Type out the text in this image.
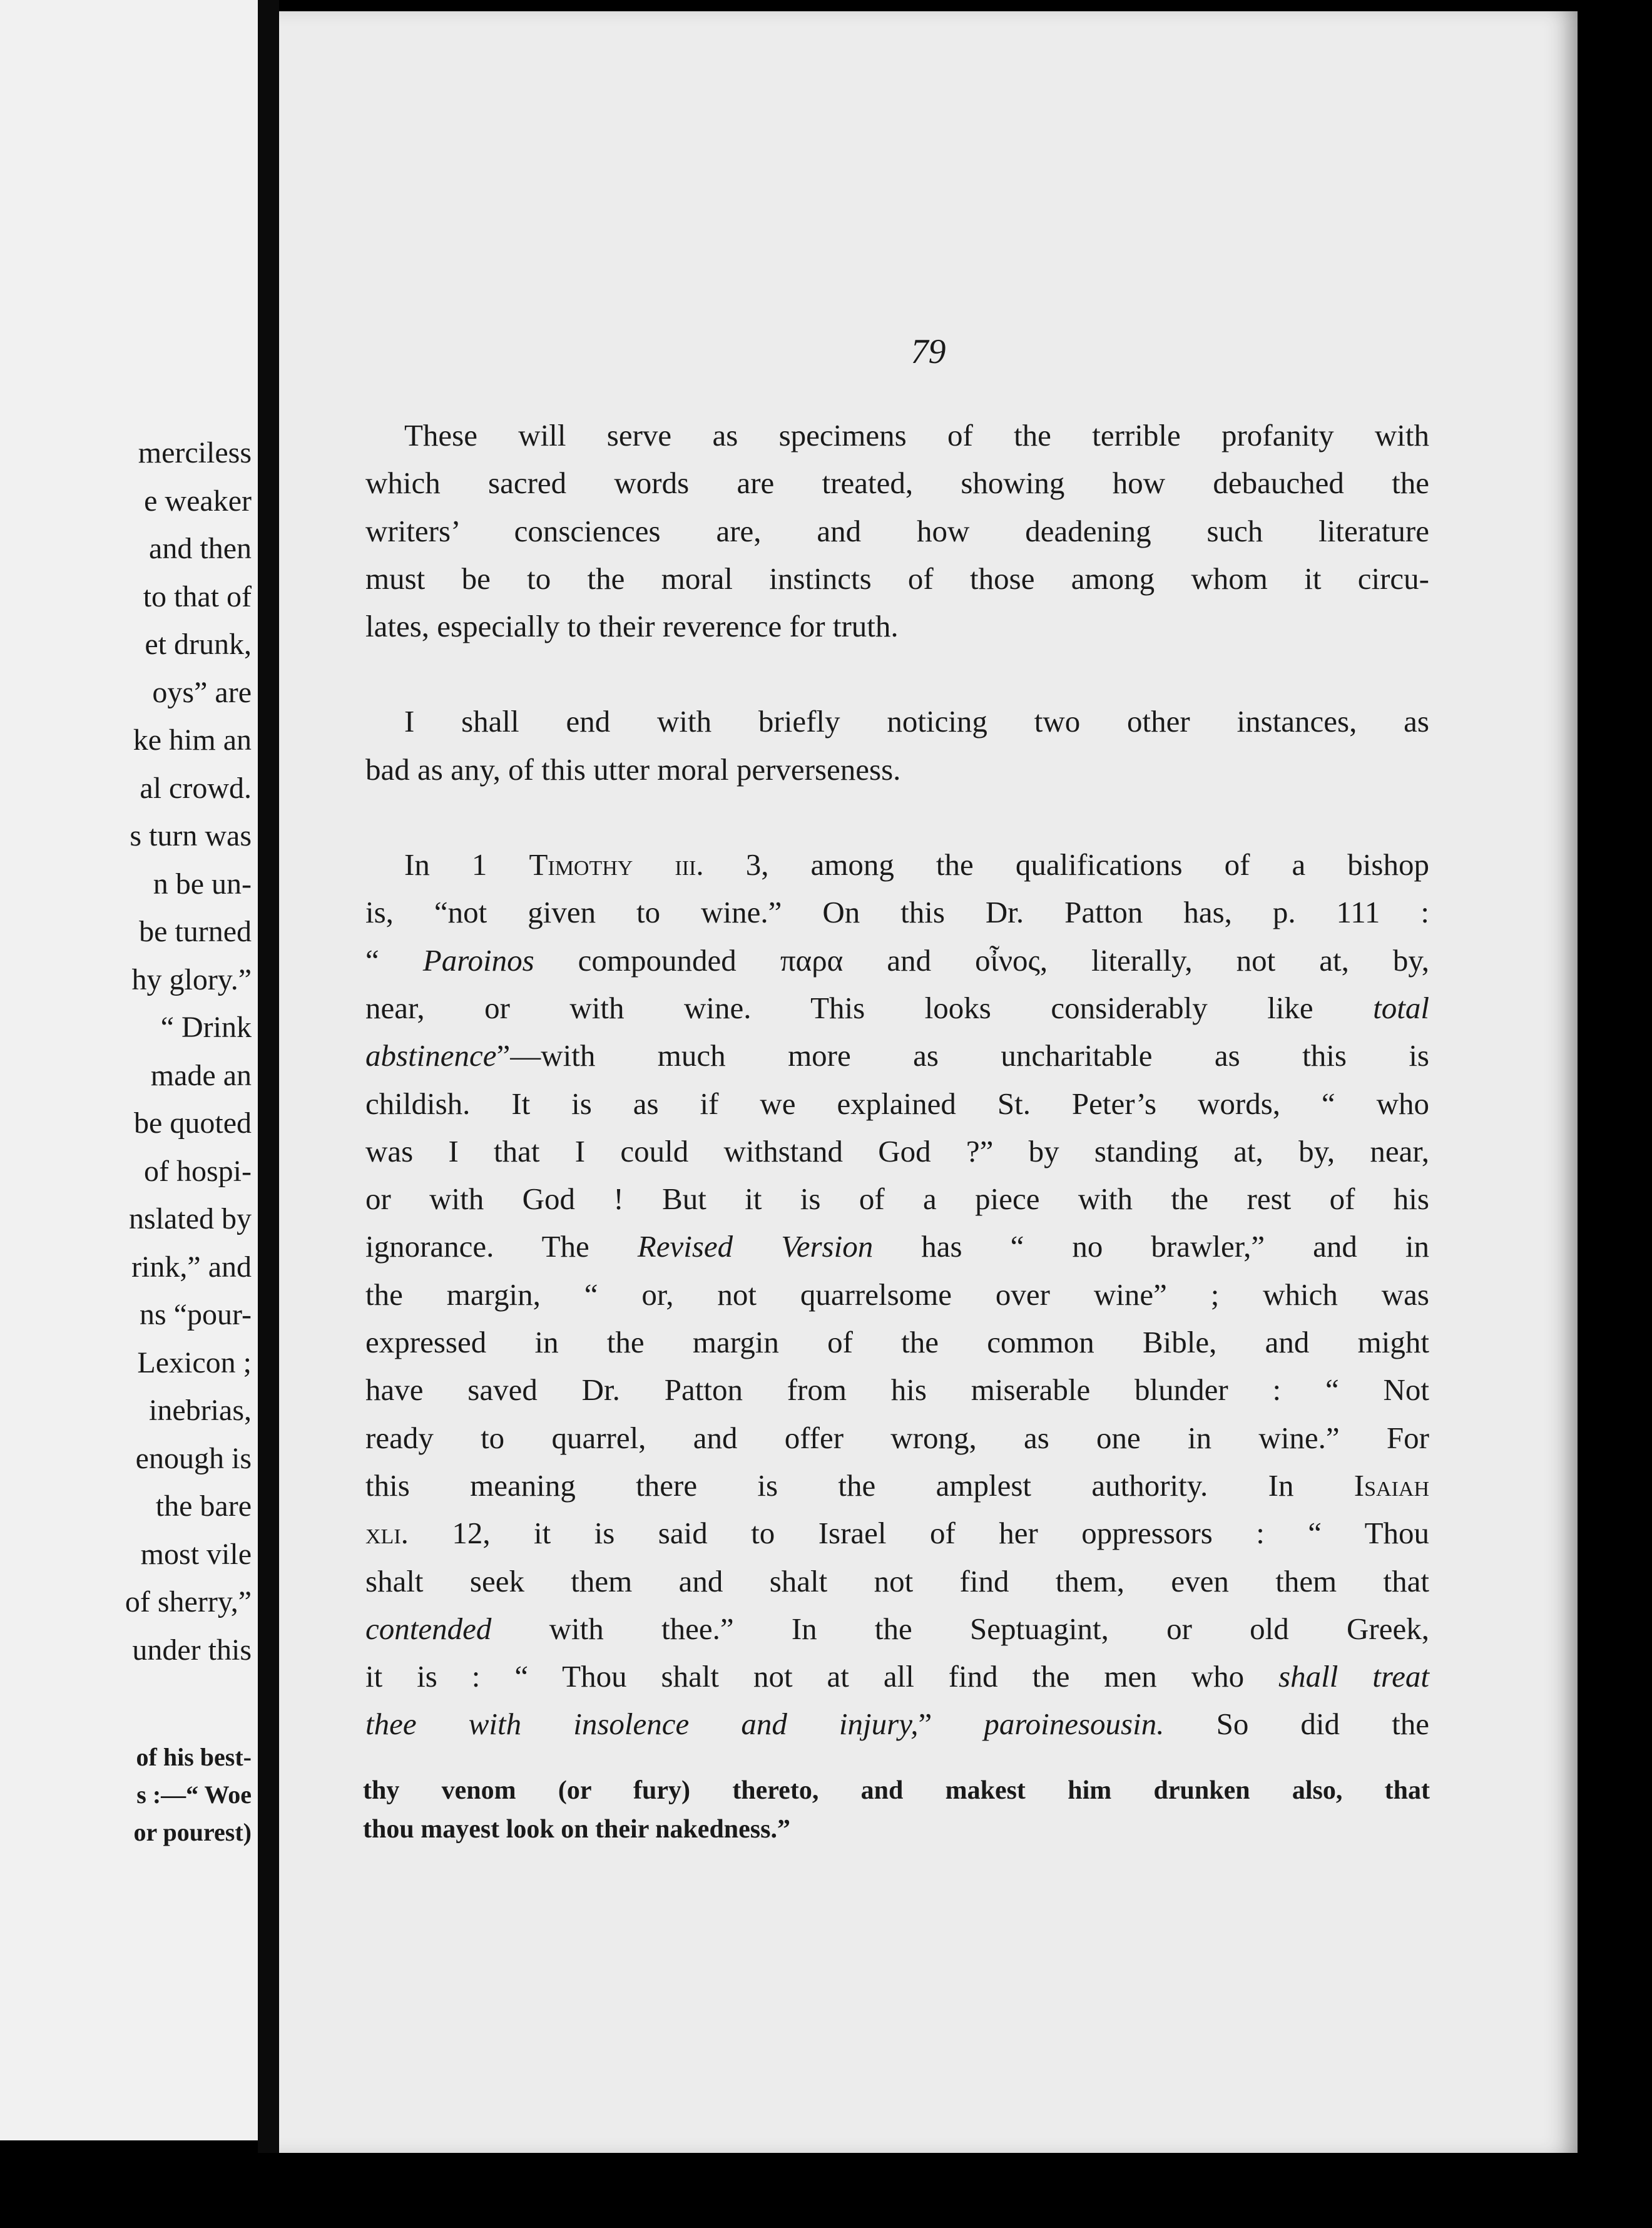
merciless
e weaker
and then
to that of
et drunk,
oys” are
ke him an
al crowd.
s turn was
n be un-
be turned
hy glory.”
“ Drink
made an
be quoted
of hospi-
nslated by
rink,” and
ns “pour-
Lexicon ;
inebrias,
enough is
the bare
most vile
of sherry,”
under this
of his best-
s :—“ Woe
or pourest)
79

These will serve as specimens of the terrible profanity with
which sacred words are treated, showing how debauched the
writers’ consciences are, and how deadening such literature
must be to the moral instincts of those among whom it circu-
lates, especially to their reverence for truth.

I shall end with briefly noticing two other instances, as
bad as any, of this utter moral perverseness.

In 1 Timothy iii. 3, among the qualifications of a bishop
is, “not given to wine.” On this Dr. Patton has, p. 111 :
“ Paroinos compounded παρα and οἶνος, literally, not at, by,
near, or with wine. This looks considerably like total
abstinence”—with much more as uncharitable as this is
childish. It is as if we explained St. Peter’s words, “ who
was I that I could withstand God ?” by standing at, by, near,
or with God ! But it is of a piece with the rest of his
ignorance. The Revised Version has “ no brawler,” and in
the margin, “ or, not quarrelsome over wine” ; which was
expressed in the margin of the common Bible, and might
have saved Dr. Patton from his miserable blunder : “ Not
ready to quarrel, and offer wrong, as one in wine.” For
this meaning there is the amplest authority. In Isaiah
xli. 12, it is said to Israel of her oppressors : “ Thou
shalt seek them and shalt not find them, even them that
contended with thee.” In the Septuagint, or old Greek,
it is : “ Thou shalt not at all find the men who shall treat
thee with insolence and injury,” paroinesousin. So did the

thy venom (or fury) thereto, and makest him drunken also, that
thou mayest look on their nakedness.”
